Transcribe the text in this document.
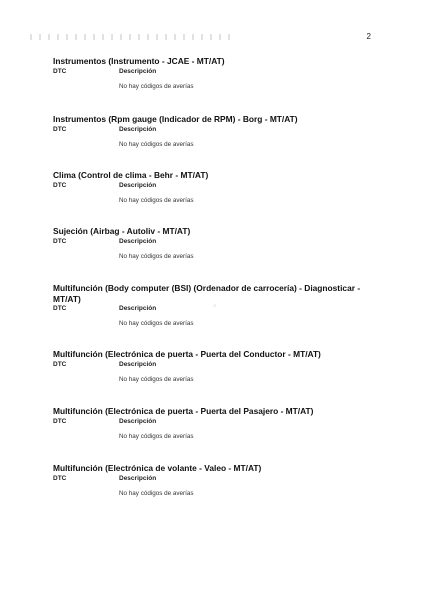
2

Instrumentos (Instrumento - JCAE - MT/AT)

DTC	Descripción
No hay códigos de averías

Instrumentos (Rpm gauge (Indicador de RPM) - Borg - MT/AT)

DTC	Descripción
No hay códigos de averías

Clima (Control de clima - Behr - MT/AT)

DTC	Descripción
No hay códigos de averías

Sujeción (Airbag - Autoliv - MT/AT)

DTC	Descripción
No hay códigos de averías

Multifunción (Body computer (BSI) (Ordenador de carrocería) - Diagnosticar - MT/AT)

DTC	Descripción
No hay códigos de averías
·

Multifunción (Electrónica de puerta - Puerta del Conductor - MT/AT)

DTC	Descripción
No hay códigos de averías

Multifunción (Electrónica de puerta - Puerta del Pasajero - MT/AT)

DTC	Descripción
No hay códigos de averías

Multifunción (Electrónica de volante - Valeo - MT/AT)

DTC	Descripción
No hay códigos de averías
